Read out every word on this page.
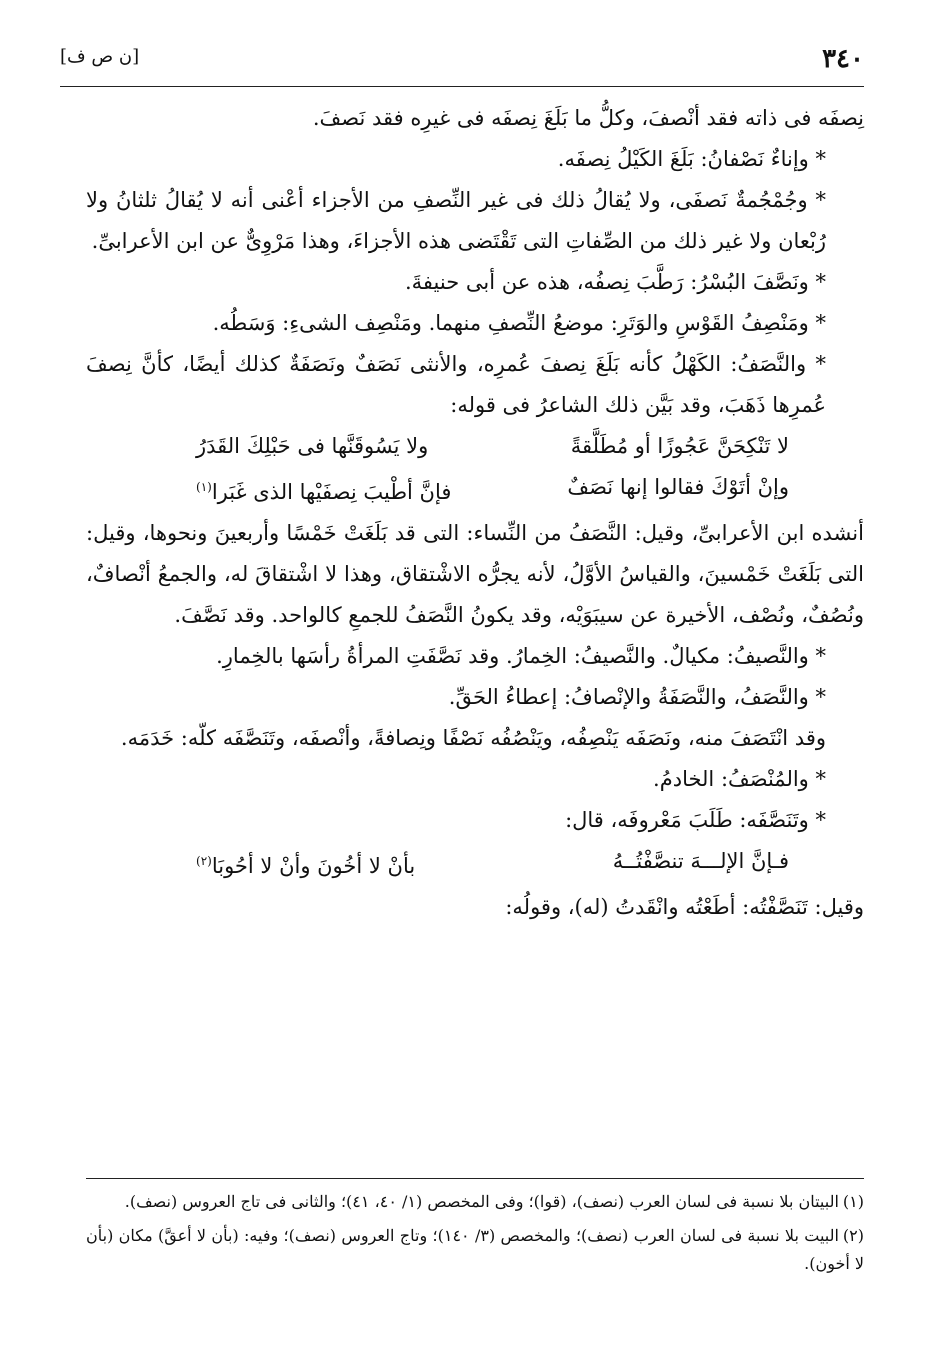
٣٤٠
[ن ص ف]

نِصفَه فى ذاته فقد أنْصفَ، وكلُّ ما بَلَغَ نِصفَه فى غيرِه فقد نَصفَ.

* وإناءٌ نَصْفانُ: بَلَغَ الكَيْلُ نِصفَه.

* وجُمْجُمةٌ نَصفَى، ولا يُقالُ ذلك فى غير النِّصفِ من الأجزاء أعْنى أنه لا يُقالُ ثلثانُ ولا رُبْعان ولا غير ذلك من الصِّفاتِ التى تَقْتَضى هذه الأجزاءَ، وهذا مَرْوِىٌّ عن ابن الأعرابىِّ.

* ونَصَّفَ البُسْرُ: رَطَّبَ نِصفُه، هذه عن أبى حنيفةَ.

* ومَنْصِفُ القَوْسِ والوَتَرِ: موضعُ النِّصفِ منهما. ومَنْصِف الشىءِ: وَسَطُه.

* والنَّصَفُ: الكَهْلُ كأنه بَلَغَ نِصفَ عُمرِه، والأنثى نَصَفٌ ونَصَفَةٌ كذلك أيضًا، كأنَّ نِصفَ عُمرِها ذَهَبَ، وقد بَيَّن ذلك الشاعرُ فى قوله:

لا تَنْكِحَنَّ عَجُوزًا أو مُطَلَّقةً
ولا يَسُوقَنَّها فى حَبْلِكَ القَدَرُ
وإنْ أتَوْكَ فقالوا إنها نَصَفٌ
فإنَّ أطْيبَ نِصفَيْها الذى غَبَرا$^{(١)}$

أنشده ابن الأعرابىِّ، وقيل: النَّصَفُ من النِّساء: التى قد بَلَغَتْ خَمْسًا وأربعينَ ونحوها، وقيل: التى بَلَغَتْ خَمْسينَ، والقياسُ الأوَّلُ، لأنه يجرُّه الاشْتقاق، وهذا لا اشْتقاقَ له، والجمعُ أنْصافٌ، ونُصُفٌ، ونُصْف، الأخيرة عن سيبَوَيْه، وقد يكونُ النَّصَفُ للجمعِ كالواحد. وقد نَصَّفَ.

* والنَّصيفُ: مكيالٌ. والنَّصيفُ: الخِمارُ. وقد نَصَّفَتِ المرأةُ رأسَها بالخِمارِ.

* والنَّصَفُ، والنَّصَفَةُ والإنْصافُ: إعطاءُ الحَقِّ.

وقد انْتَصَفَ منه، ونَصَفَه يَنْصِفُه، ويَنْصُفُه نَصْفًا ونِصافةً، وأنْصفَه، وتَنَصَّفَه كلّه: خَدَمَه.

* والمُنْصَفُ: الخادمُ.

* وتَنَصَّفَه: طَلَبَ مَعْروفَه، قال:

فـإنَّ الإلـــهَ تنصَّفْتُــهُ
بأنْ لا أخُونَ وأنْ لا أحُوبَا$^{(٢)}$

وقيل: تَنَصَّفْتُه: أطَعْتُه وانْقَدتُ (له)، وقولُه:

(١)البيتان بلا نسبة فى لسان العرب (نصف)، (قوا)؛ وفى المخصص (١/ ٤٠، ٤١)؛ والثانى فى تاج العروس (نصف).

(٢)البيت بلا نسبة فى لسان العرب (نصف)؛ والمخصص (٣/ ١٤٠)؛ وتاج العروس (نصف)؛ وفيه: (بأن لا أعقَّ) مكان (بأن لا أخون).
